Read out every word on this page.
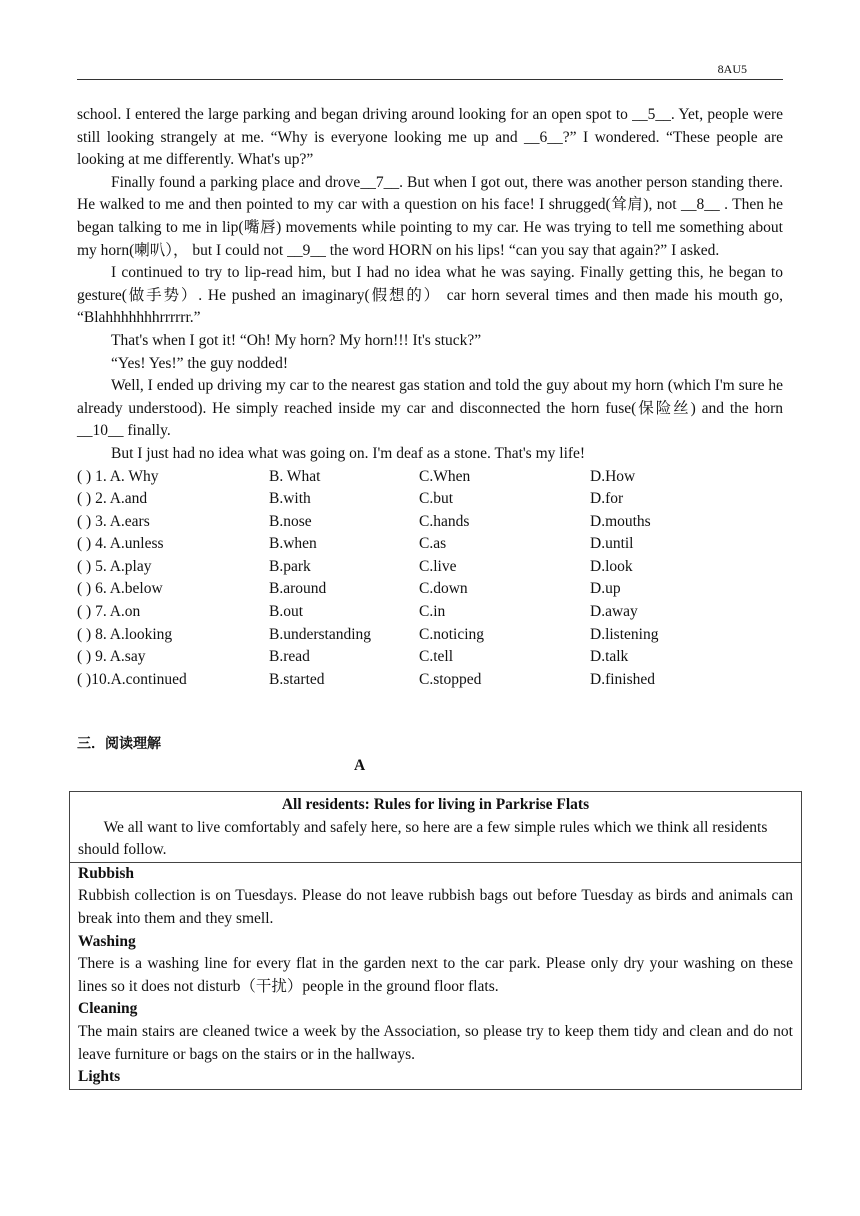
8AU5

school. I entered the large parking and began driving around looking for an open spot to __5__. Yet, people were still looking strangely at me. “Why is everyone looking me up and __6__?” I wondered. “These people are looking at me differently. What's up?”

Finally found a parking place and drove__7__. But when I got out, there was another person standing there. He walked to me and then pointed to my car with a question on his face! I shrugged(耸肩), not __8__ . Then he began talking to me in lip(嘴唇) movements while pointing to my car. He was trying to tell me something about my horn(喇叭）， but I could not __9__ the word HORN on his lips! “can you say that again?” I asked.

I continued to try to lip-read him, but I had no idea what he was saying. Finally getting this, he began to gesture(做手势）. He pushed an imaginary(假想的） car horn several times and then made his mouth go, “Blahhhhhhhrrrrrr.”

That's when I got it! “Oh! My horn? My horn!!! It's stuck?”

“Yes! Yes!” the guy nodded!

Well, I ended up driving my car to the nearest gas station and told the guy about my horn (which I'm sure he already understood). He simply reached inside my car and disconnected the horn fuse(保险丝) and the horn __10__ finally.

But I just had no idea what was going on. I'm deaf as a stone. That's my life!

( ) 1. A. Why	B. What	C.When	D.How
( ) 2. A.and	B.with	C.but	D.for
( ) 3. A.ears	B.nose	C.hands	D.mouths
( ) 4. A.unless	B.when	C.as	D.until
( ) 5. A.play	B.park	C.live	D.look
( ) 6. A.below	B.around	C.down	D.up
( ) 7. A.on	B.out	C.in	D.away
( ) 8. A.looking	B.understanding	C.noticing	D.listening
( ) 9. A.say	B.read	C.tell	D.talk
( )10.A.continued	B.started	C.stopped	D.finished
三．阅读理解
A
All residents: Rules for living in Parkrise Flats
We all want to live comfortably and safely here, so here are a few simple rules which we think all residents
should follow.
Rubbish
Rubbish collection is on Tuesdays. Please do not leave rubbish bags out before Tuesday as birds and animals can break into them and they smell.
Washing
There is a washing line for every flat in the garden next to the car park. Please only dry your washing on these lines so it does not disturb（干扰）people in the ground floor flats.
Cleaning
The main stairs are cleaned twice a week by the Association, so please try to keep them tidy and clean and do not leave furniture or bags on the stairs or in the hallways.
Lights
